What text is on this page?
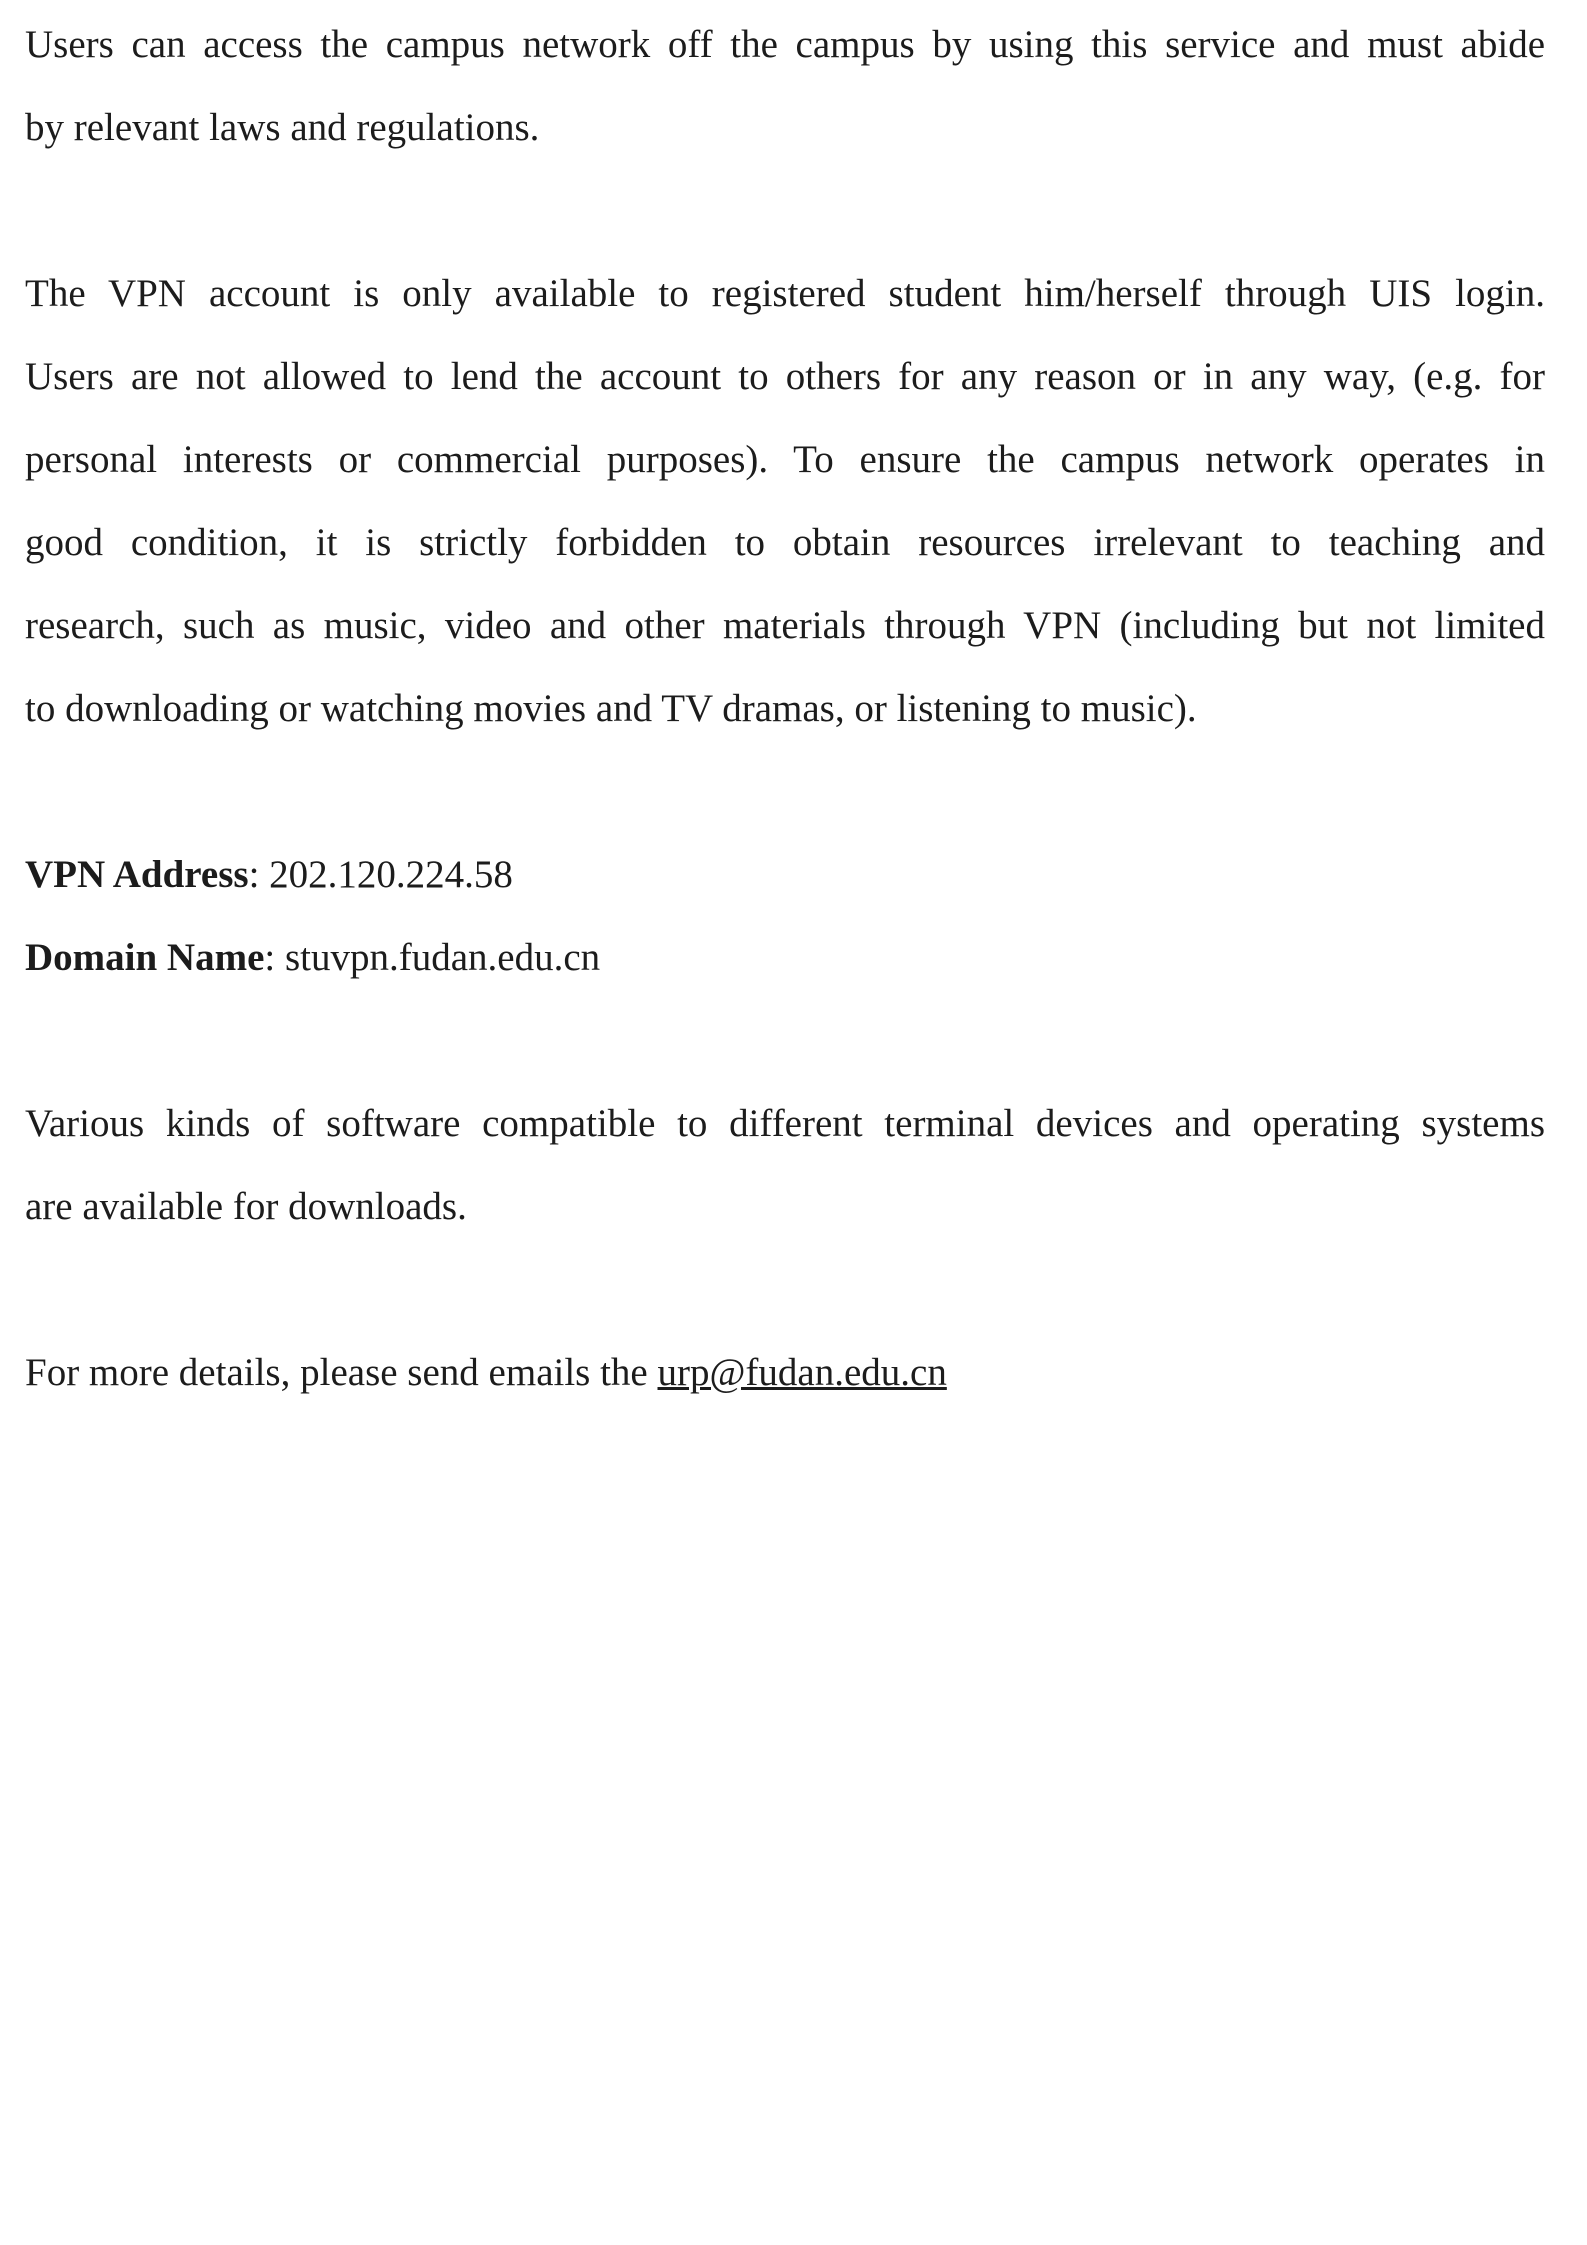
Users can access the campus network off the campus by using this service and must abide
by relevant laws and regulations.
The VPN account is only available to registered student him/herself through UIS login.
Users are not allowed to lend the account to others for any reason or in any way, (e.g. for
personal interests or commercial purposes). To ensure the campus network operates in
good condition, it is strictly forbidden to obtain resources irrelevant to teaching and
research, such as music, video and other materials through VPN (including but not limited
to downloading or watching movies and TV dramas, or listening to music).
VPN Address: 202.120.224.58
Domain Name: stuvpn.fudan.edu.cn
Various kinds of software compatible to different terminal devices and operating systems
are available for downloads.
For more details, please send emails the urp@fudan.edu.cn
